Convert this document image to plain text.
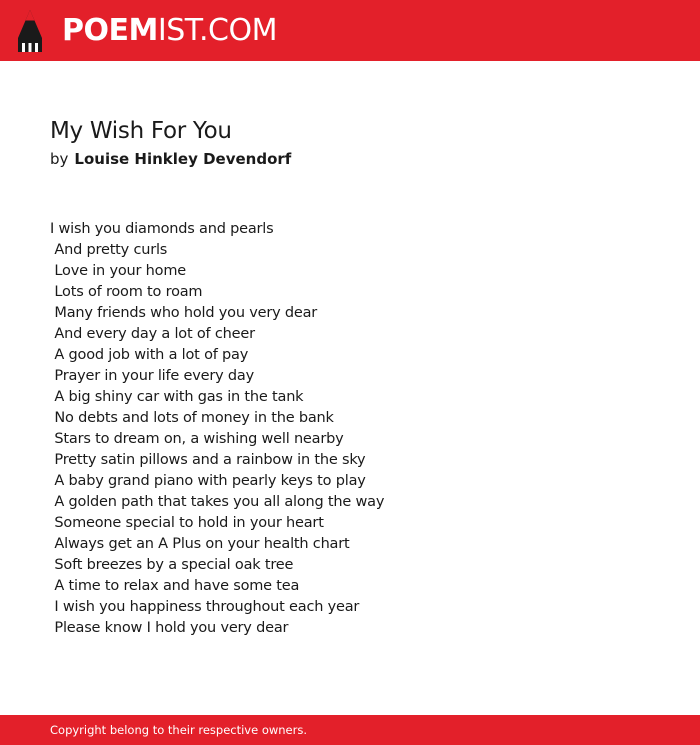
POEMIST.COM
My Wish For You
by Louise Hinkley Devendorf
I wish you diamonds and pearls
And pretty curls
Love in your home
Lots of room to roam
Many friends who hold you very dear
And every day a lot of cheer
A good job with a lot of pay
Prayer in your life every day
A big shiny car with gas in the tank
No debts and lots of money in the bank
Stars to dream on, a wishing well nearby
Pretty satin pillows and a rainbow in the sky
A baby grand piano with pearly keys to play
A golden path that takes you all along the way
Someone special to hold in your heart
Always get an A Plus on your health chart
Soft breezes by a special oak tree
A time to relax and have some tea
I wish you happiness throughout each year
Please know I hold you very dear
Copyright belong to their respective owners.
